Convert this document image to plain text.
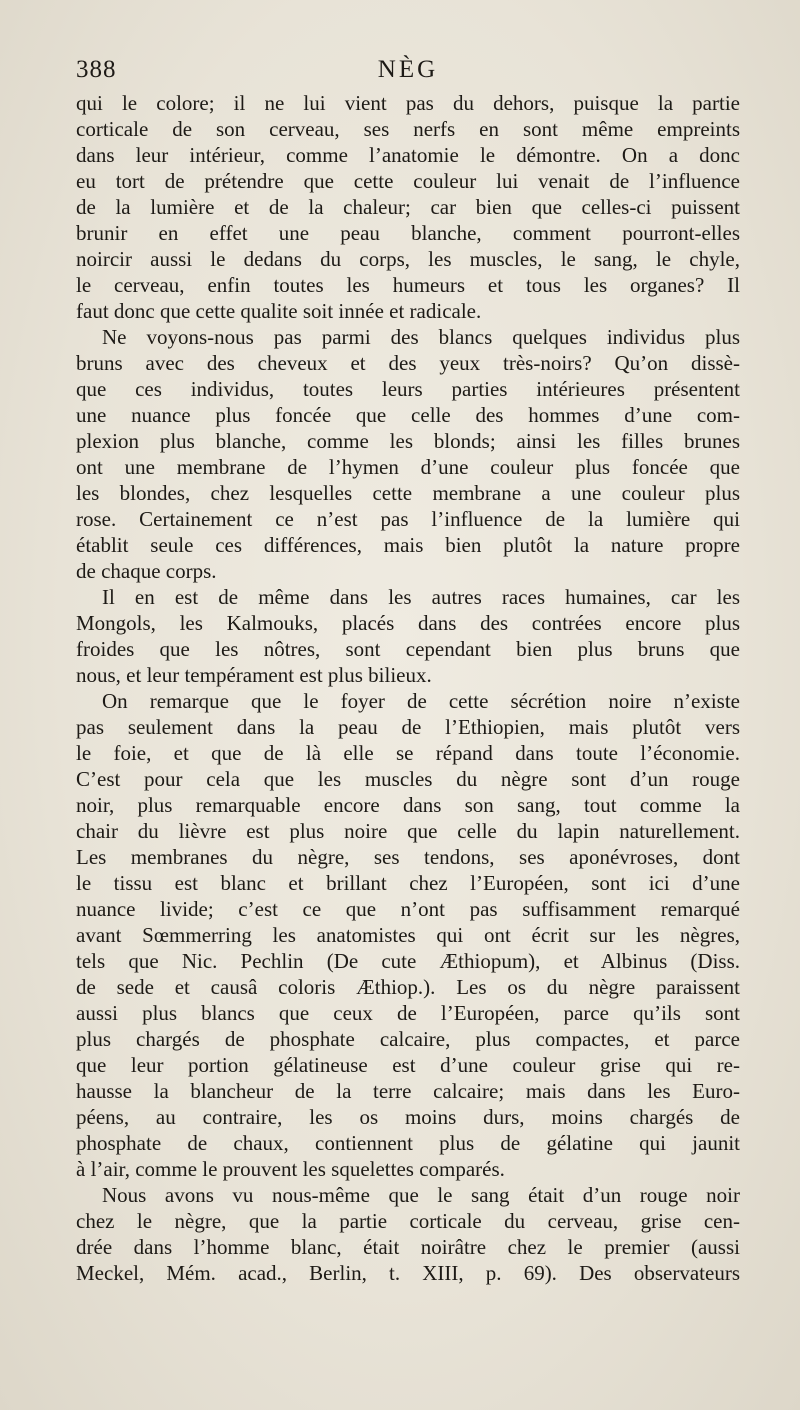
388	NÈG
qui le colore; il ne lui vient pas du dehors, puisque la partie
corticale de son cerveau, ses nerfs en sont même empreints
dans leur intérieur, comme l’anatomie le démontre. On a donc
eu tort de prétendre que cette couleur lui venait de l’influence
de la lumière et de la chaleur; car bien que celles-ci puissent
brunir en effet une peau blanche, comment pourront-elles
noircir aussi le dedans du corps, les muscles, le sang, le chyle,
le cerveau, enfin toutes les humeurs et tous les organes? Il
faut donc que cette qualite soit innée et radicale.
Ne voyons-nous pas parmi des blancs quelques individus plus
bruns avec des cheveux et des yeux très-noirs? Qu’on dissè-
que ces individus, toutes leurs parties intérieures présentent
une nuance plus foncée que celle des hommes d’une com-
plexion plus blanche, comme les blonds; ainsi les filles brunes
ont une membrane de l’hymen d’une couleur plus foncée que
les blondes, chez lesquelles cette membrane a une couleur plus
rose. Certainement ce n’est pas l’influence de la lumière qui
établit seule ces différences, mais bien plutôt la nature propre
de chaque corps.
Il en est de même dans les autres races humaines, car les
Mongols, les Kalmouks, placés dans des contrées encore plus
froides que les nôtres, sont cependant bien plus bruns que
nous, et leur tempérament est plus bilieux.
On remarque que le foyer de cette sécrétion noire n’existe
pas seulement dans la peau de l’Ethiopien, mais plutôt vers
le foie, et que de là elle se répand dans toute l’économie.
C’est pour cela que les muscles du nègre sont d’un rouge
noir, plus remarquable encore dans son sang, tout comme la
chair du lièvre est plus noire que celle du lapin naturellement.
Les membranes du nègre, ses tendons, ses aponévroses, dont
le tissu est blanc et brillant chez l’Européen, sont ici d’une
nuance livide; c’est ce que n’ont pas suffisamment remarqué
avant Sœmmerring les anatomistes qui ont écrit sur les nègres,
tels que Nic. Pechlin (De cute Æthiopum), et Albinus (Diss.
de sede et causâ coloris Æthiop.). Les os du nègre paraissent
aussi plus blancs que ceux de l’Européen, parce qu’ils sont
plus chargés de phosphate calcaire, plus compactes, et parce
que leur portion gélatineuse est d’une couleur grise qui re-
hausse la blancheur de la terre calcaire; mais dans les Euro-
péens, au contraire, les os moins durs, moins chargés de
phosphate de chaux, contiennent plus de gélatine qui jaunit
à l’air, comme le prouvent les squelettes comparés.
Nous avons vu nous-même que le sang était d’un rouge noir
chez le nègre, que la partie corticale du cerveau, grise cen-
drée dans l’homme blanc, était noirâtre chez le premier (aussi
Meckel, Mém. acad., Berlin, t. XIII, p. 69). Des observateurs
